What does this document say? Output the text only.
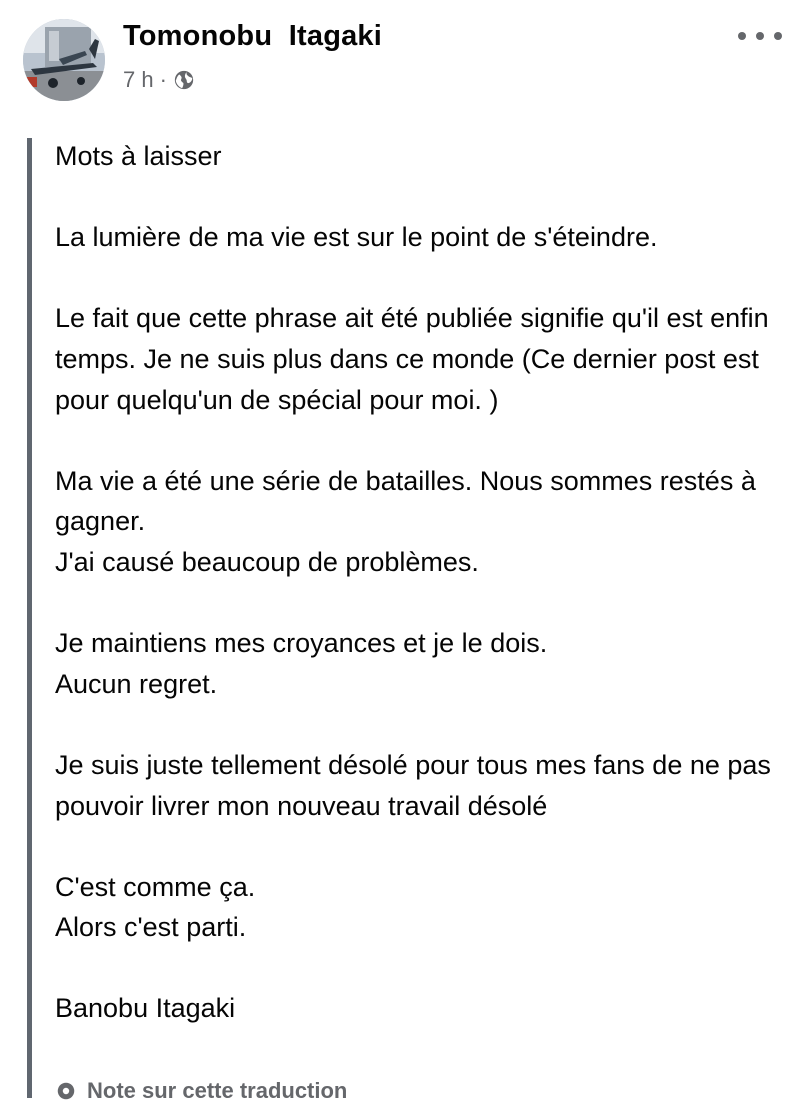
Tomonobu  Itagaki
7 h ·

Mots à laisser

La lumière de ma vie est sur le point de s'éteindre.

Le fait que cette phrase ait été publiée signifie qu'il est enfin temps. Je ne suis plus dans ce monde (Ce dernier post est pour quelqu'un de spécial pour moi. )

Ma vie a été une série de batailles. Nous sommes restés à gagner.
J'ai causé beaucoup de problèmes.

Je maintiens mes croyances et je le dois.
Aucun regret.

Je suis juste tellement désolé pour tous mes fans de ne pas pouvoir livrer mon nouveau travail désolé

C'est comme ça.
Alors c'est parti.

Banobu Itagaki

Note sur cette traduction
